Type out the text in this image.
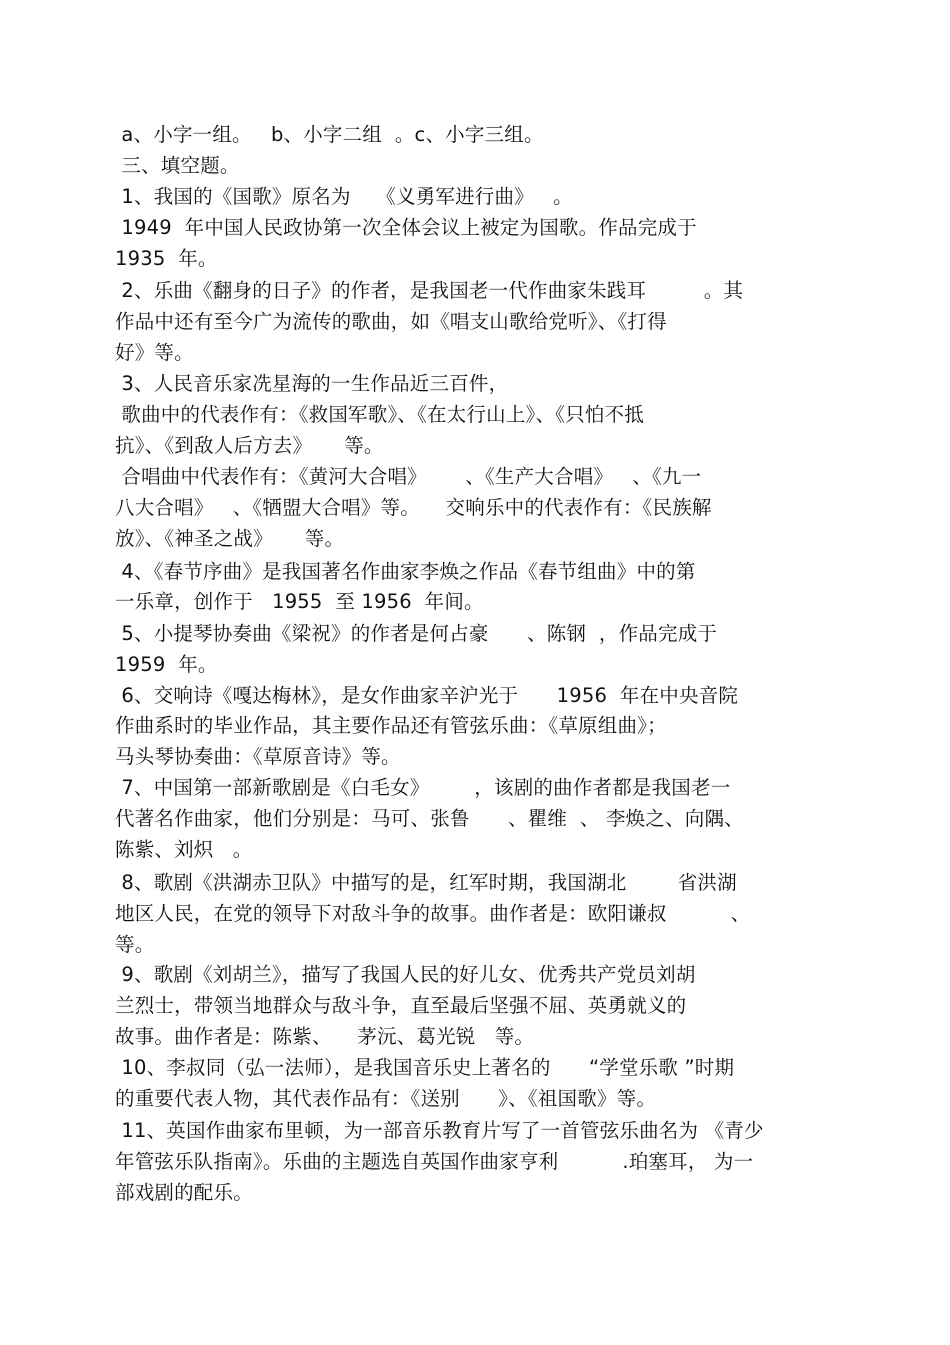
a、小字一组。   b、小字二组  。c、小字三组。
三、填空题。
1、我国的《国歌》原名为    《义勇军进行曲》   。
1949  年中国人民政协第一次全体会议上被定为国歌。作品完成于
1935  年。
2、乐曲《翻身的日子》的作者，是我国老一代作曲家朱践耳         。其
作品中还有至今广为流传的歌曲，如《唱支山歌给党听》、《打得
好》等。
3、人民音乐家冼星海的一生作品近三百件，
歌曲中的代表作有：《救国军歌》、《在太行山上》、《只怕不抵
抗》、《到敌人后方去》     等。
合唱曲中代表作有：《黄河大合唱》      、《生产大合唱》   、《九一
八大合唱》   、《牺盟大合唱》等。    交响乐中的代表作有：《民族解
放》、《神圣之战》     等。
4、《春节序曲》是我国著名作曲家李焕之作品《春节组曲》中的第
一乐章，创作于   1955  至 1956  年间。
5、小提琴协奏曲《梁祝》的作者是何占豪      、陈钢  ，作品完成于
1959  年。
6、交响诗《嘎达梅林》，是女作曲家辛沪光于      1956  年在中央音院
作曲系时的毕业作品，其主要作品还有管弦乐曲：《草原组曲》；
马头琴协奏曲：《草原音诗》等。
7、中国第一部新歌剧是《白毛女》       ，该剧的曲作者都是我国老一
代著名作曲家，他们分别是：马可、张鲁      、瞿维  、 李焕之、向隅、
陈紫、刘炽   。
8、歌剧《洪湖赤卫队》中描写的是，红军时期，我国湖北        省洪湖
地区人民，在党的领导下对敌斗争的故事。曲作者是：欧阳谦叔          、
等。
9、歌剧《刘胡兰》，描写了我国人民的好儿女、优秀共产党员刘胡
兰烈士，带领当地群众与敌斗争，直至最后坚强不屈、英勇就义的
故事。曲作者是：陈紫、    茅沅、葛光锐   等。
10、李叔同（弘一法师），是我国音乐史上著名的      “学堂乐歌 ”时期
的重要代表人物，其代表作品有：《送别      》、《祖国歌》等。
11、英国作曲家布里顿，为一部音乐教育片写了一首管弦乐曲名为 《青少
年管弦乐队指南》。乐曲的主题选自英国作曲家亨利          .珀塞耳， 为一
部戏剧的配乐。
